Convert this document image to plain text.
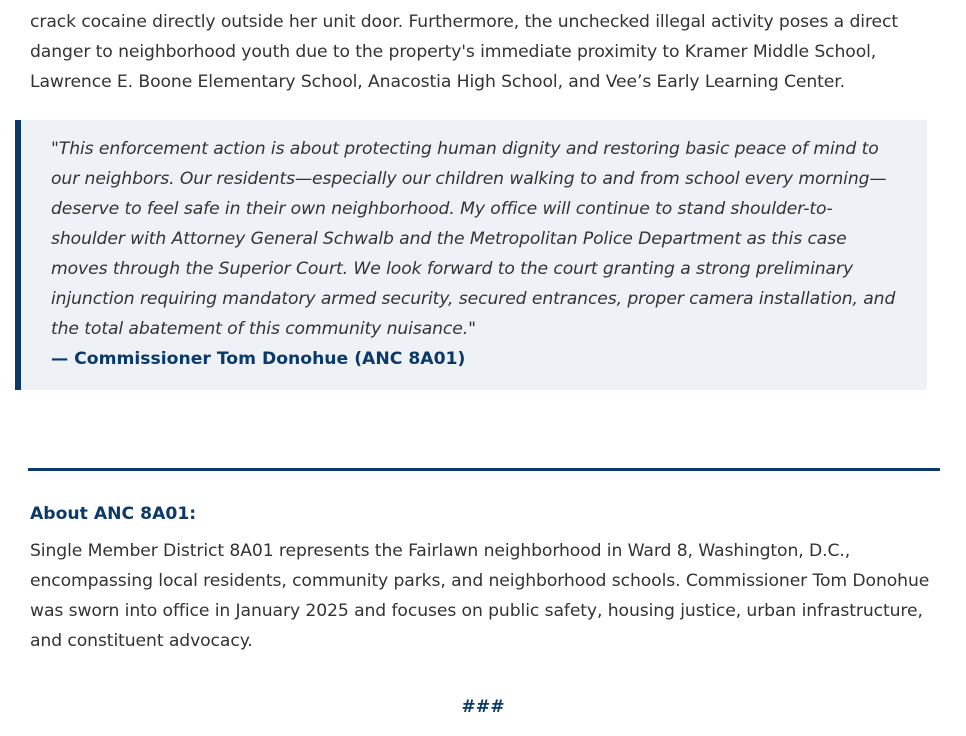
crack cocaine directly outside her unit door. Furthermore, the unchecked illegal activity poses a direct danger to neighborhood youth due to the property's immediate proximity to Kramer Middle School, Lawrence E. Boone Elementary School, Anacostia High School, and Vee’s Early Learning Center.

"This enforcement action is about protecting human dignity and restoring basic peace of mind to our neighbors. Our residents—especially our children walking to and from school every morning—deserve to feel safe in their own neighborhood. My office will continue to stand shoulder-to-shoulder with Attorney General Schwalb and the Metropolitan Police Department as this case moves through the Superior Court. We look forward to the court granting a strong preliminary injunction requiring mandatory armed security, secured entrances, proper camera installation, and the total abatement of this community nuisance."

— Commissioner Tom Donohue (ANC 8A01)

About ANC 8A01:

Single Member District 8A01 represents the Fairlawn neighborhood in Ward 8, Washington, D.C., encompassing local residents, community parks, and neighborhood schools. Commissioner Tom Donohue was sworn into office in January 2025 and focuses on public safety, housing justice, urban infrastructure, and constituent advocacy.

###
